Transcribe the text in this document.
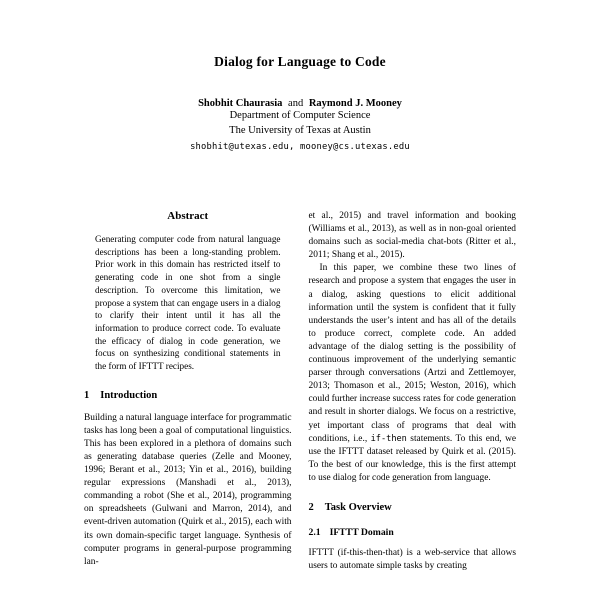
Dialog for Language to Code
Shobhit Chaurasia and Raymond J. Mooney
Department of Computer Science
The University of Texas at Austin
shobhit@utexas.edu, mooney@cs.utexas.edu
Abstract
Generating computer code from natural language descriptions has been a long-standing problem. Prior work in this domain has restricted itself to generating code in one shot from a single description. To overcome this limitation, we propose a system that can engage users in a dialog to clarify their intent until it has all the information to produce correct code. To evaluate the efficacy of dialog in code generation, we focus on synthesizing conditional statements in the form of IFTTT recipes.
1 Introduction

Building a natural language interface for programmatic tasks has long been a goal of computational linguistics. This has been explored in a plethora of domains such as generating database queries (Zelle and Mooney, 1996; Berant et al., 2013; Yin et al., 2016), building regular expressions (Manshadi et al., 2013), commanding a robot (She et al., 2014), programming on spreadsheets (Gulwani and Marron, 2014), and event-driven automation (Quirk et al., 2015), each with its own domain-specific target language. Synthesis of computer programs in general-purpose programming lan-

et al., 2015) and travel information and booking (Williams et al., 2013), as well as in non-goal oriented domains such as social-media chat-bots (Ritter et al., 2011; Shang et al., 2015).

In this paper, we combine these two lines of research and propose a system that engages the user in a dialog, asking questions to elicit additional information until the system is confident that it fully understands the user’s intent and has all of the details to produce correct, complete code. An added advantage of the dialog setting is the possibility of continuous improvement of the underlying semantic parser through conversations (Artzi and Zettlemoyer, 2013; Thomason et al., 2015; Weston, 2016), which could further increase success rates for code generation and result in shorter dialogs. We focus on a restrictive, yet important class of programs that deal with conditions, i.e., if-then statements. To this end, we use the IFTTT dataset released by Quirk et al. (2015). To the best of our knowledge, this is the first attempt to use dialog for code generation from language.

2 Task Overview
2.1 IFTTT Domain

IFTTT (if-this-then-that) is a web-service that allows users to automate simple tasks by creating
